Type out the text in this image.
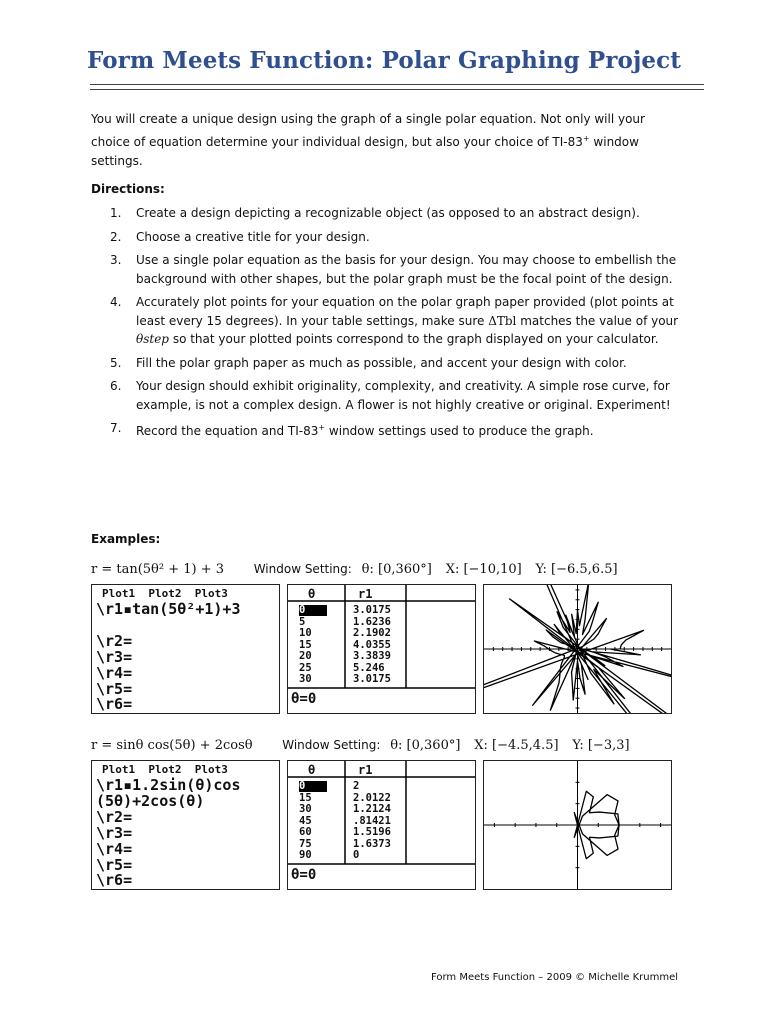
Form Meets Function: Polar Graphing Project
You will create a unique design using the graph of a single polar equation. Not only will your choice of equation determine your individual design, but also your choice of TI-83+ window settings.
Directions:
1.	Create a design depicting a recognizable object (as opposed to an abstract design).
2.	Choose a creative title for your design.
3.	Use a single polar equation as the basis for your design. You may choose to embellish the background with other shapes, but the polar graph must be the focal point of the design.
4.	Accurately plot points for your equation on the polar graph paper provided (plot points at least every 15 degrees). In your table settings, make sure ΔTbl matches the value of your θstep so that your plotted points correspond to the graph displayed on your calculator.
5.	Fill the polar graph paper as much as possible, and accent your design with color.
6.	Your design should exhibit originality, complexity, and creativity. A simple rose curve, for example, is not a complex design. A flower is not highly creative or original. Experiment!
7.	Record the equation and TI-83+ window settings used to produce the graph.
Examples:
r = tan(5θ² + 1) + 3 Window Setting: θ: [0,360°] X: [−10,10] Y: [−6.5,6.5]
Plot1  Plot2  Plot3
\r1▪tan(5θ²+1)+3
\r2=
\r3=
\r4=
\r5=
\r6=
θ	r1
0	3.0175
5	1.6236
10	2.1902
15	4.0355
20	3.3839
25	5.246
30	3.0175
θ=0
r = sinθ cos(5θ) + 2cosθ Window Setting: θ: [0,360°] X: [−4.5,4.5] Y: [−3,3]
Plot1  Plot2  Plot3
\r1▪1.2sin(θ)cos
(5θ)+2cos(θ)
\r2=
\r3=
\r4=
\r5=
\r6=
θ	r1
0	2
15	2.0122
30	1.2124
45	.81421
60	1.5196
75	1.6373
90	0
θ=0
Form Meets Function – 2009 © Michelle Krummel
